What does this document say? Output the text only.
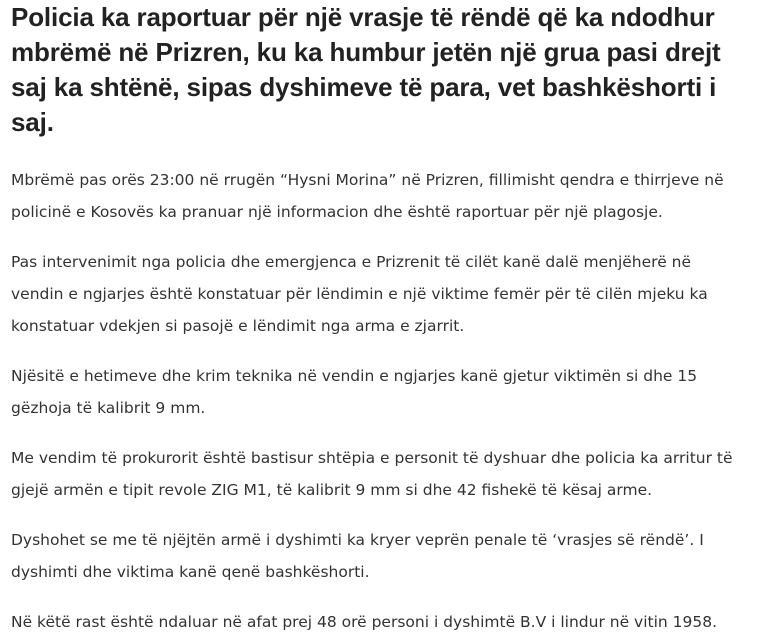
Policia ka raportuar për një vrasje të rëndë që ka ndodhur mbrëmë në Prizren, ku ka humbur jetën një grua pasi drejt saj ka shtënë, sipas dyshimeve të para, vet bashkëshorti i saj.

Mbrëmë pas orës 23:00 në rrugën “Hysni Morina” në Prizren, fillimisht qendra e thirrjeve në policinë e Kosovës ka pranuar një informacion dhe është raportuar për një plagosje.

Pas intervenimit nga policia dhe emergjenca e Prizrenit të cilët kanë dalë menjëherë në vendin e ngjarjes është konstatuar për lëndimin e një viktime femër për të cilën mjeku ka konstatuar vdekjen si pasojë e lëndimit nga arma e zjarrit.

Njësitë e hetimeve dhe krim teknika në vendin e ngjarjes kanë gjetur viktimën si dhe 15 gëzhoja të kalibrit 9 mm.

Me vendim të prokurorit është bastisur shtëpia e personit të dyshuar dhe policia ka arritur të gjejë armën e tipit revole ZIG M1, të kalibrit 9 mm si dhe 42 fishekë të kësaj arme.

Dyshohet se me të njëjtën armë i dyshimti ka kryer veprën penale të ‘vrasjes së rëndë’. I dyshimti dhe viktima kanë qenë bashkëshorti.

Në këtë rast është ndaluar në afat prej 48 orë personi i dyshimtë B.V i lindur në vitin 1958.
